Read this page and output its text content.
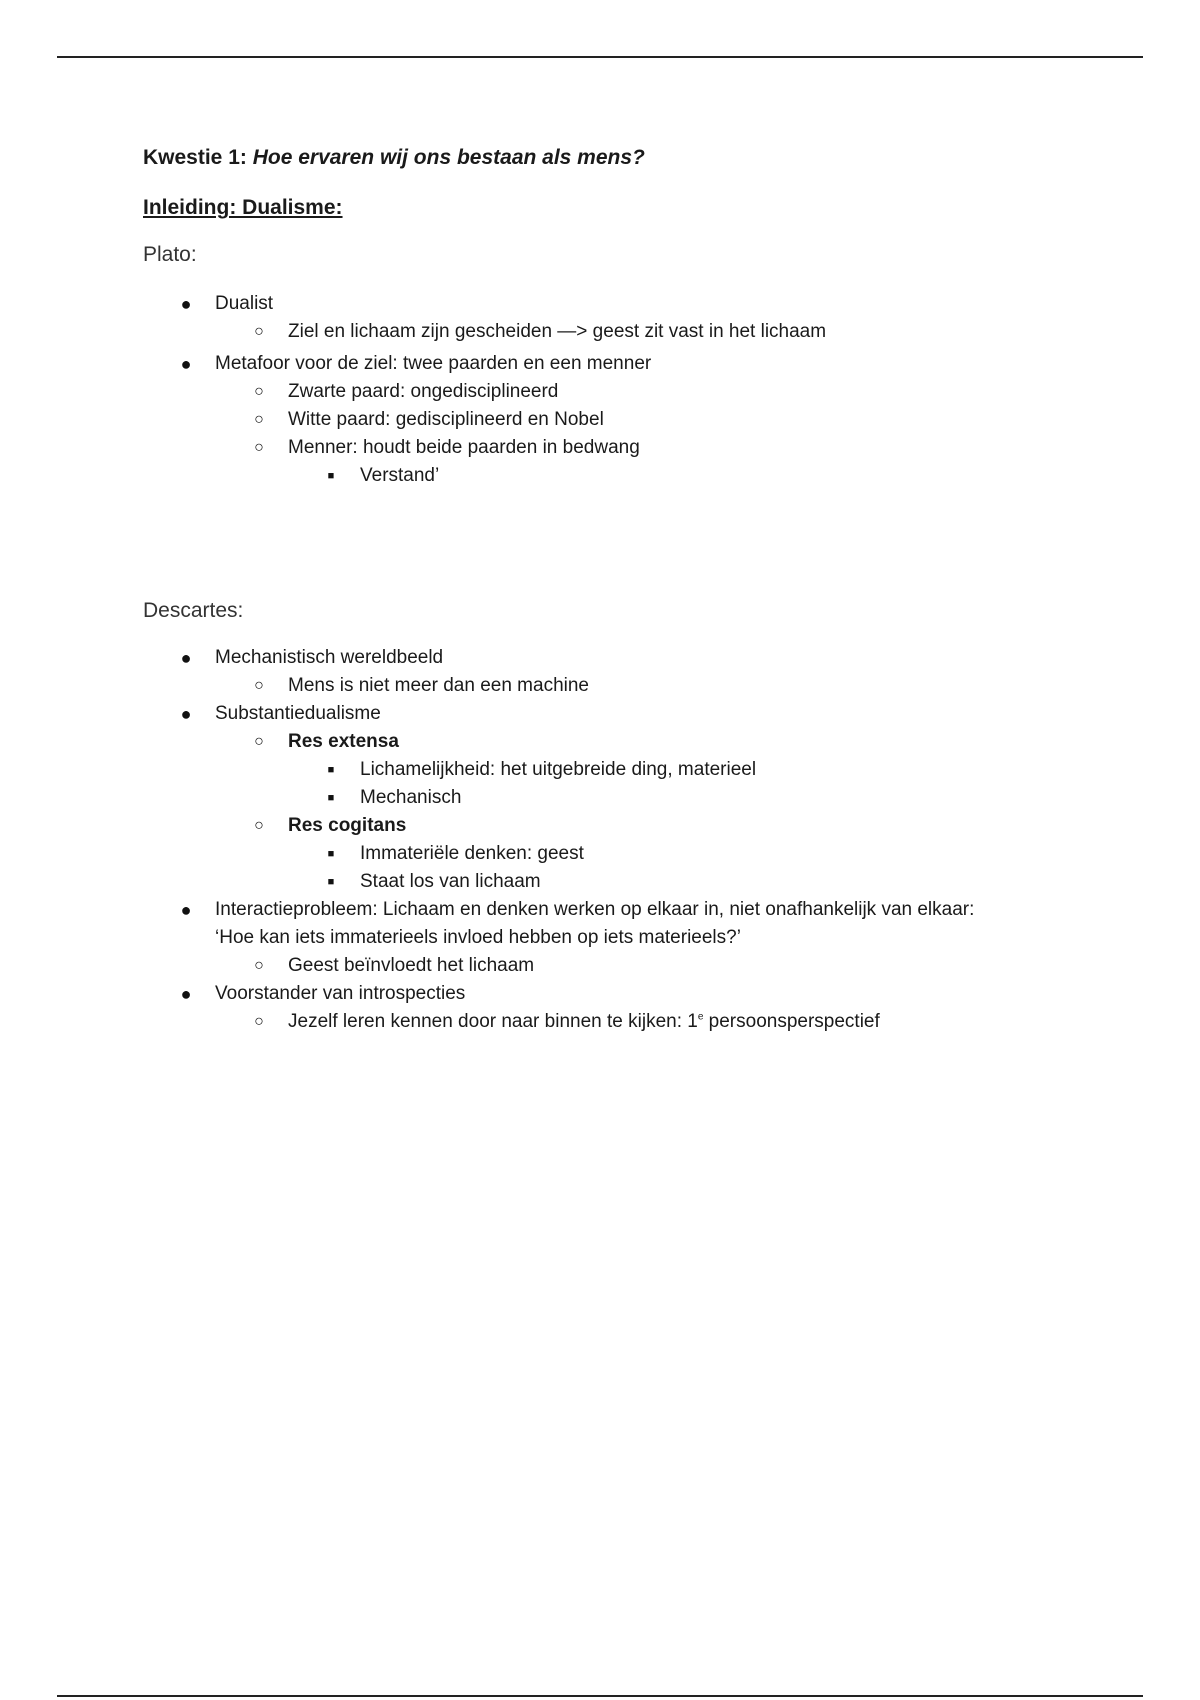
Kwestie 1: Hoe ervaren wij ons bestaan als mens?
Inleiding: Dualisme:
Plato:
● Dualist
○ Ziel en lichaam zijn gescheiden —> geest zit vast in het lichaam
● Metafoor voor de ziel: twee paarden en een menner
○ Zwarte paard: ongedisciplineerd
○ Witte paard: gedisciplineerd en Nobel
○ Menner: houdt beide paarden in bedwang
■	Verstand’
Descartes:
● Mechanistisch wereldbeeld
○ Mens is niet meer dan een machine
● Substantiedualisme
○ Res extensa
■	Lichamelijkheid: het uitgebreide ding, materieel
■	Mechanisch
○ Res cogitans
■	Immateriële denken: geest
■	Staat los van lichaam
● Interactieprobleem: Lichaam en denken werken op elkaar in, niet onafhankelijk van elkaar:
‘Hoe kan iets immaterieels invloed hebben op iets materieels?’
○ Geest beïnvloedt het lichaam
● Voorstander van introspecties
○ Jezelf leren kennen door naar binnen te kijken: 1e persoonsperspectief
